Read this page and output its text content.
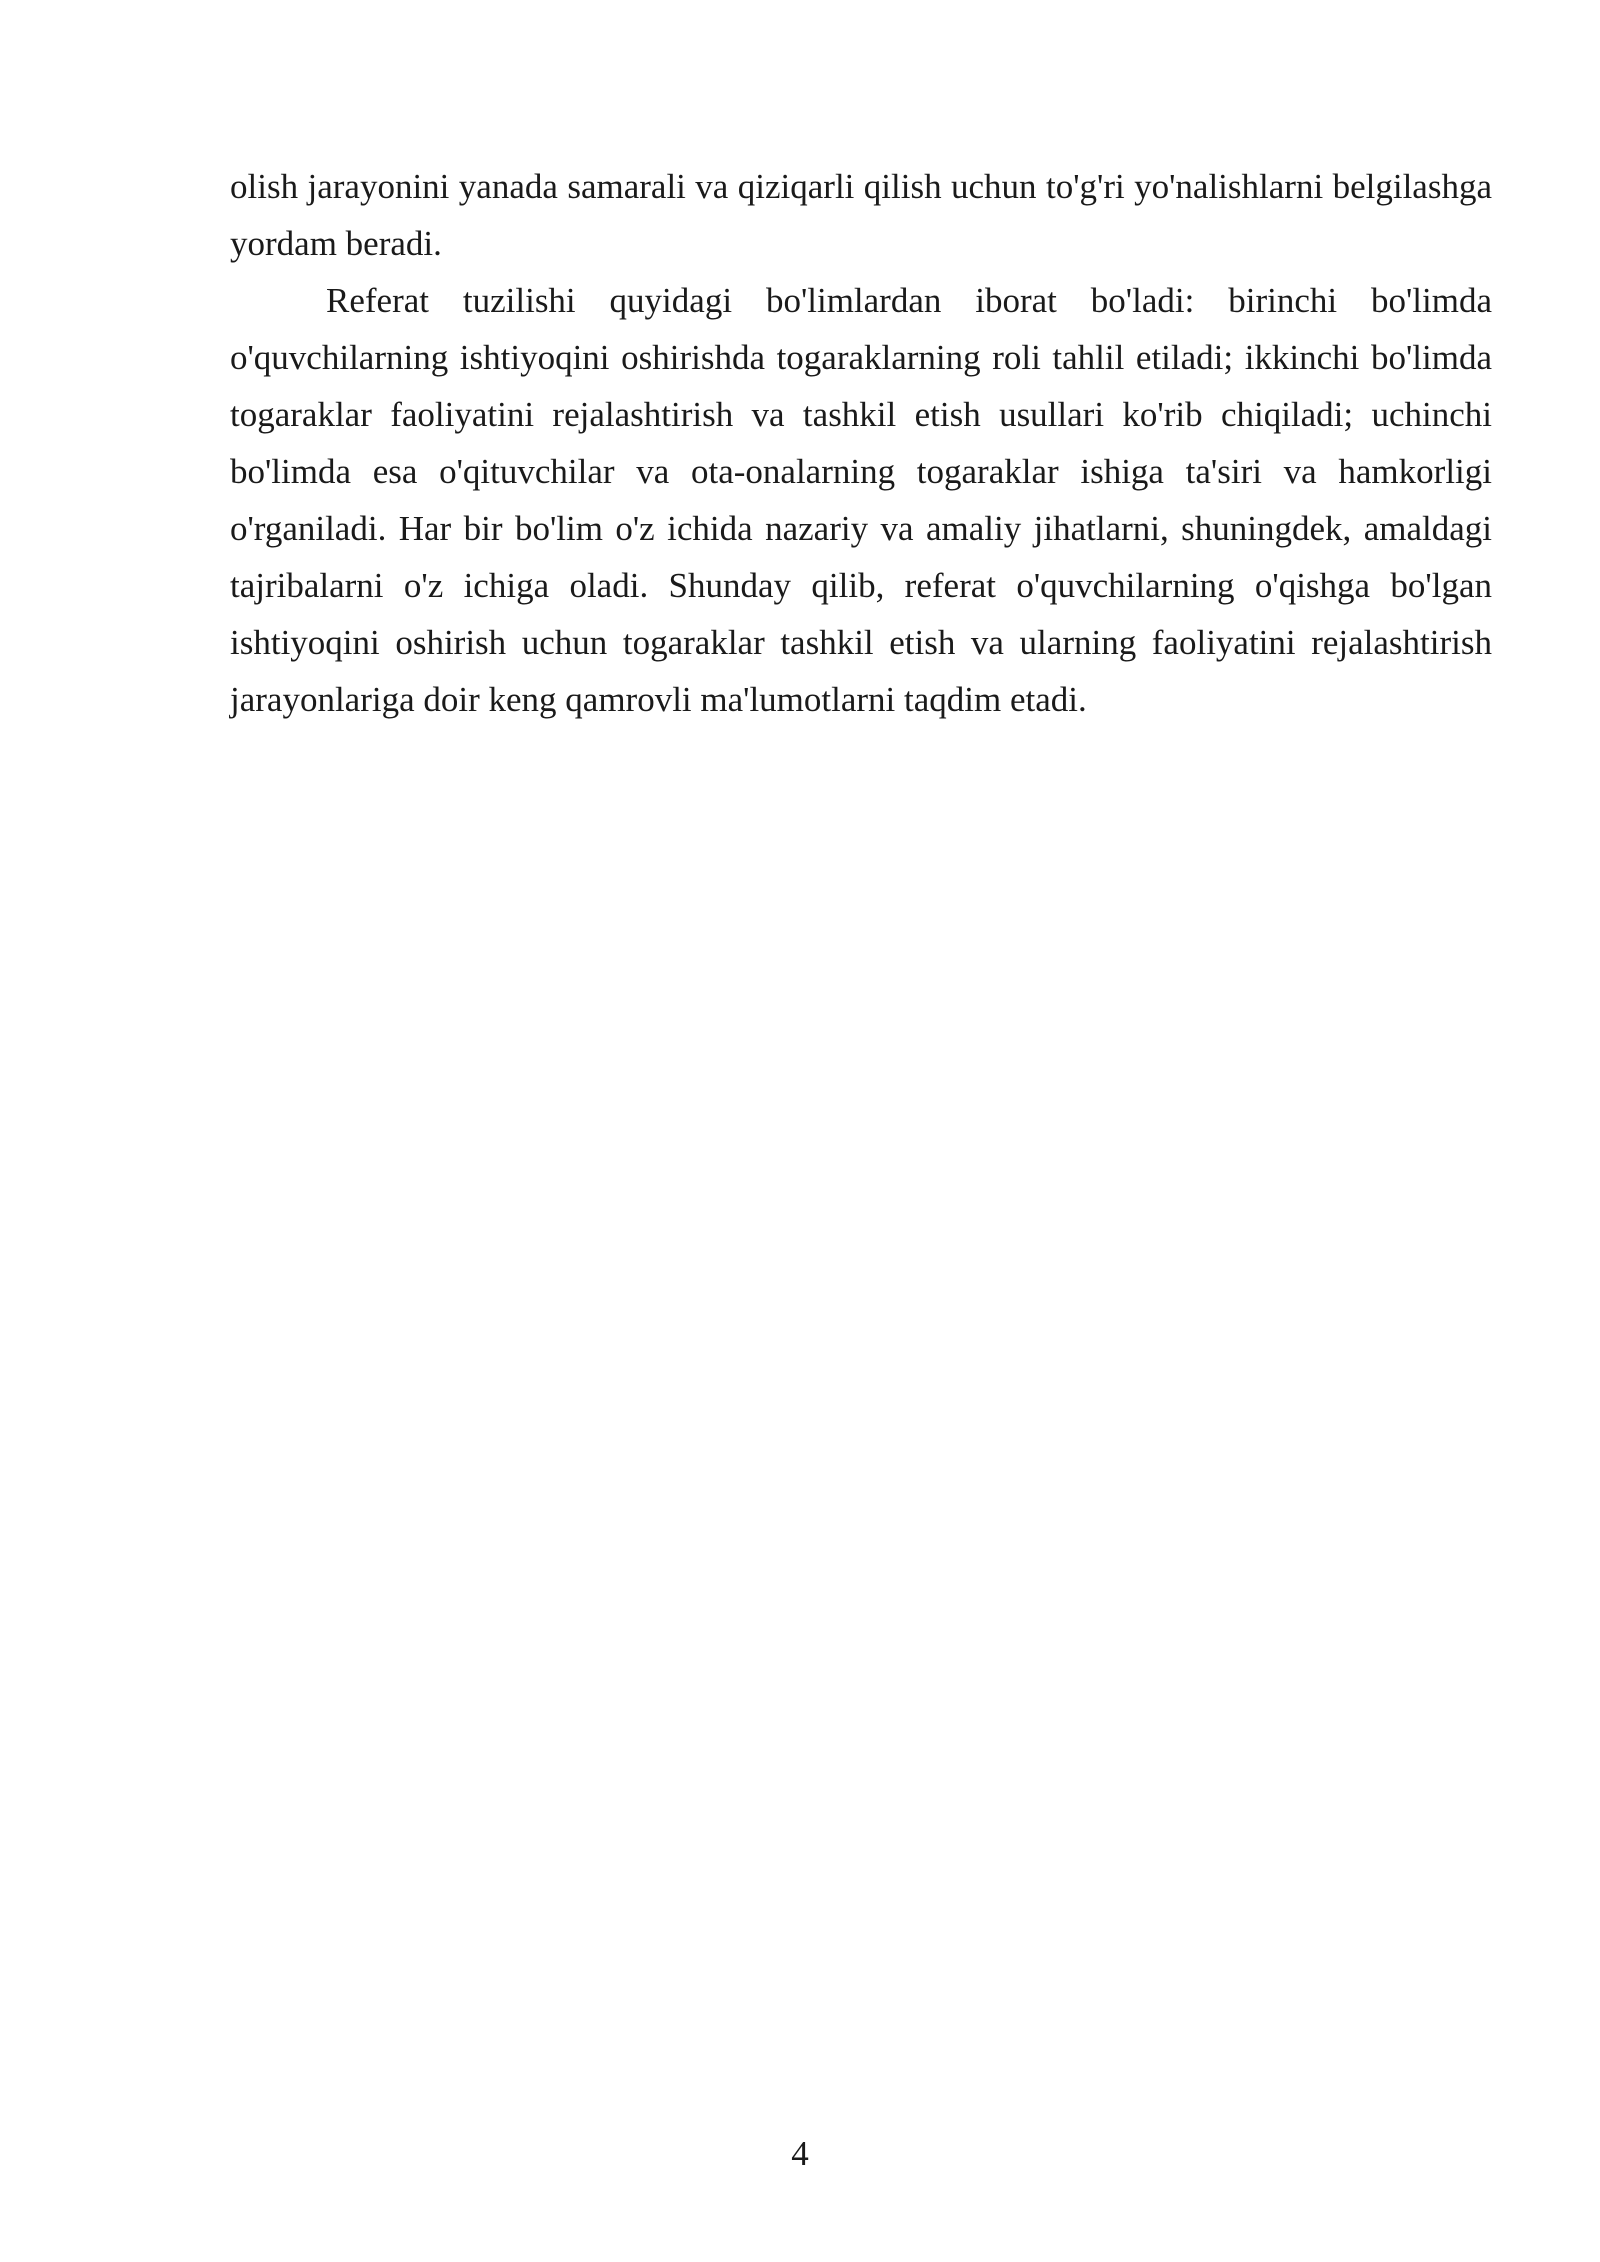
olish jarayonini yanada samarali va qiziqarli qilish uchun to'g'ri yo'nalishlarni belgilashga yordam beradi.

Referat tuzilishi quyidagi bo'limlardan iborat bo'ladi: birinchi bo'limda o'quvchilarning ishtiyoqini oshirishda togaraklarning roli tahlil etiladi; ikkinchi bo'limda togaraklar faoliyatini rejalashtirish va tashkil etish usullari ko'rib chiqiladi; uchinchi bo'limda esa o'qituvchilar va ota-onalarning togaraklar ishiga ta'siri va hamkorligi o'rganiladi. Har bir bo'lim o'z ichida nazariy va amaliy jihatlarni, shuningdek, amaldagi tajribalarni o'z ichiga oladi. Shunday qilib, referat o'quvchilarning o'qishga bo'lgan ishtiyoqini oshirish uchun togaraklar tashkil etish va ularning faoliyatini rejalashtirish jarayonlariga doir keng qamrovli ma'lumotlarni taqdim etadi.

4
